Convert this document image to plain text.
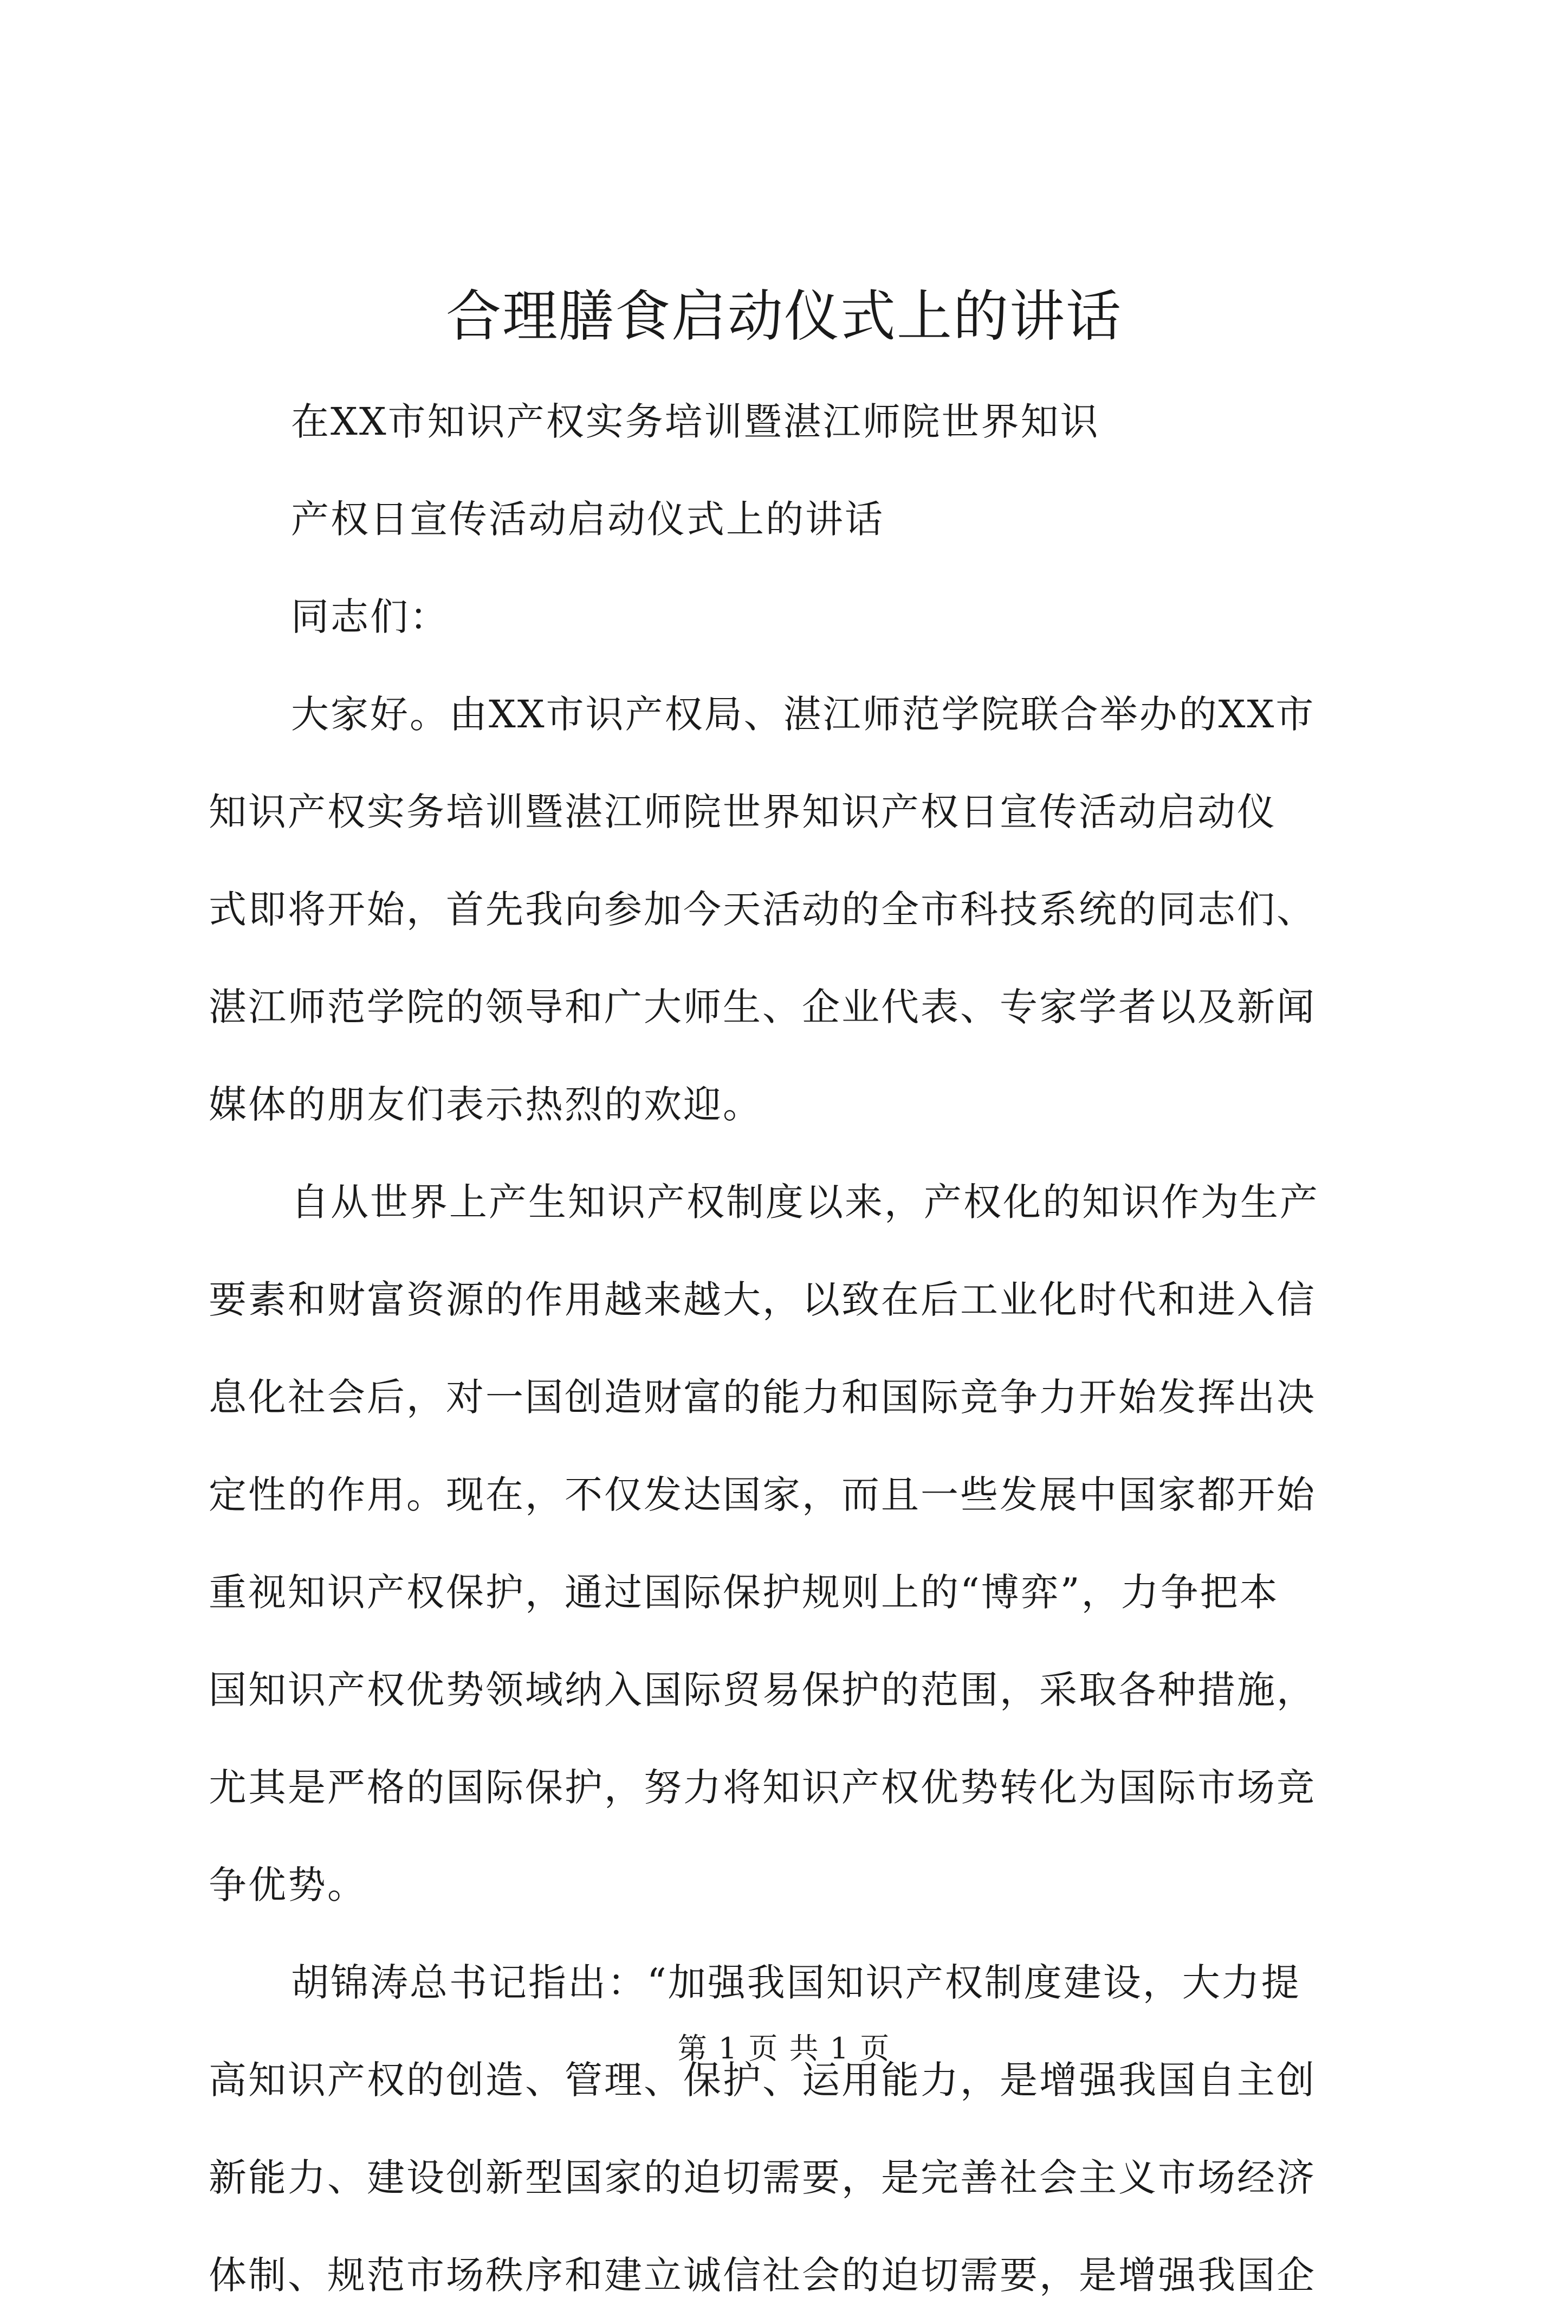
合理膳食启动仪式上的讲话
在XX市知识产权实务培训暨湛江师院世界知识
产权日宣传活动启动仪式上的讲话
同志们：
大家好。由XX市识产权局、湛江师范学院联合举办的XX市
知识产权实务培训暨湛江师院世界知识产权日宣传活动启动仪
式即将开始，首先我向参加今天活动的全市科技系统的同志们、
湛江师范学院的领导和广大师生、企业代表、专家学者以及新闻
媒体的朋友们表示热烈的欢迎。
自从世界上产生知识产权制度以来，产权化的知识作为生产
要素和财富资源的作用越来越大，以致在后工业化时代和进入信
息化社会后，对一国创造财富的能力和国际竞争力开始发挥出决
定性的作用。现在，不仅发达国家，而且一些发展中国家都开始
重视知识产权保护，通过国际保护规则上的“博弈”，力争把本
国知识产权优势领域纳入国际贸易保护的范围，采取各种措施，
尤其是严格的国际保护，努力将知识产权优势转化为国际市场竞
争优势。
胡锦涛总书记指出：“加强我国知识产权制度建设，大力提
高知识产权的创造、管理、保护、运用能力，是增强我国自主创
新能力、建设创新型国家的迫切需要，是完善社会主义市场经济
体制、规范市场秩序和建立诚信社会的迫切需要，是增强我国企
第 1 页 共 1 页
